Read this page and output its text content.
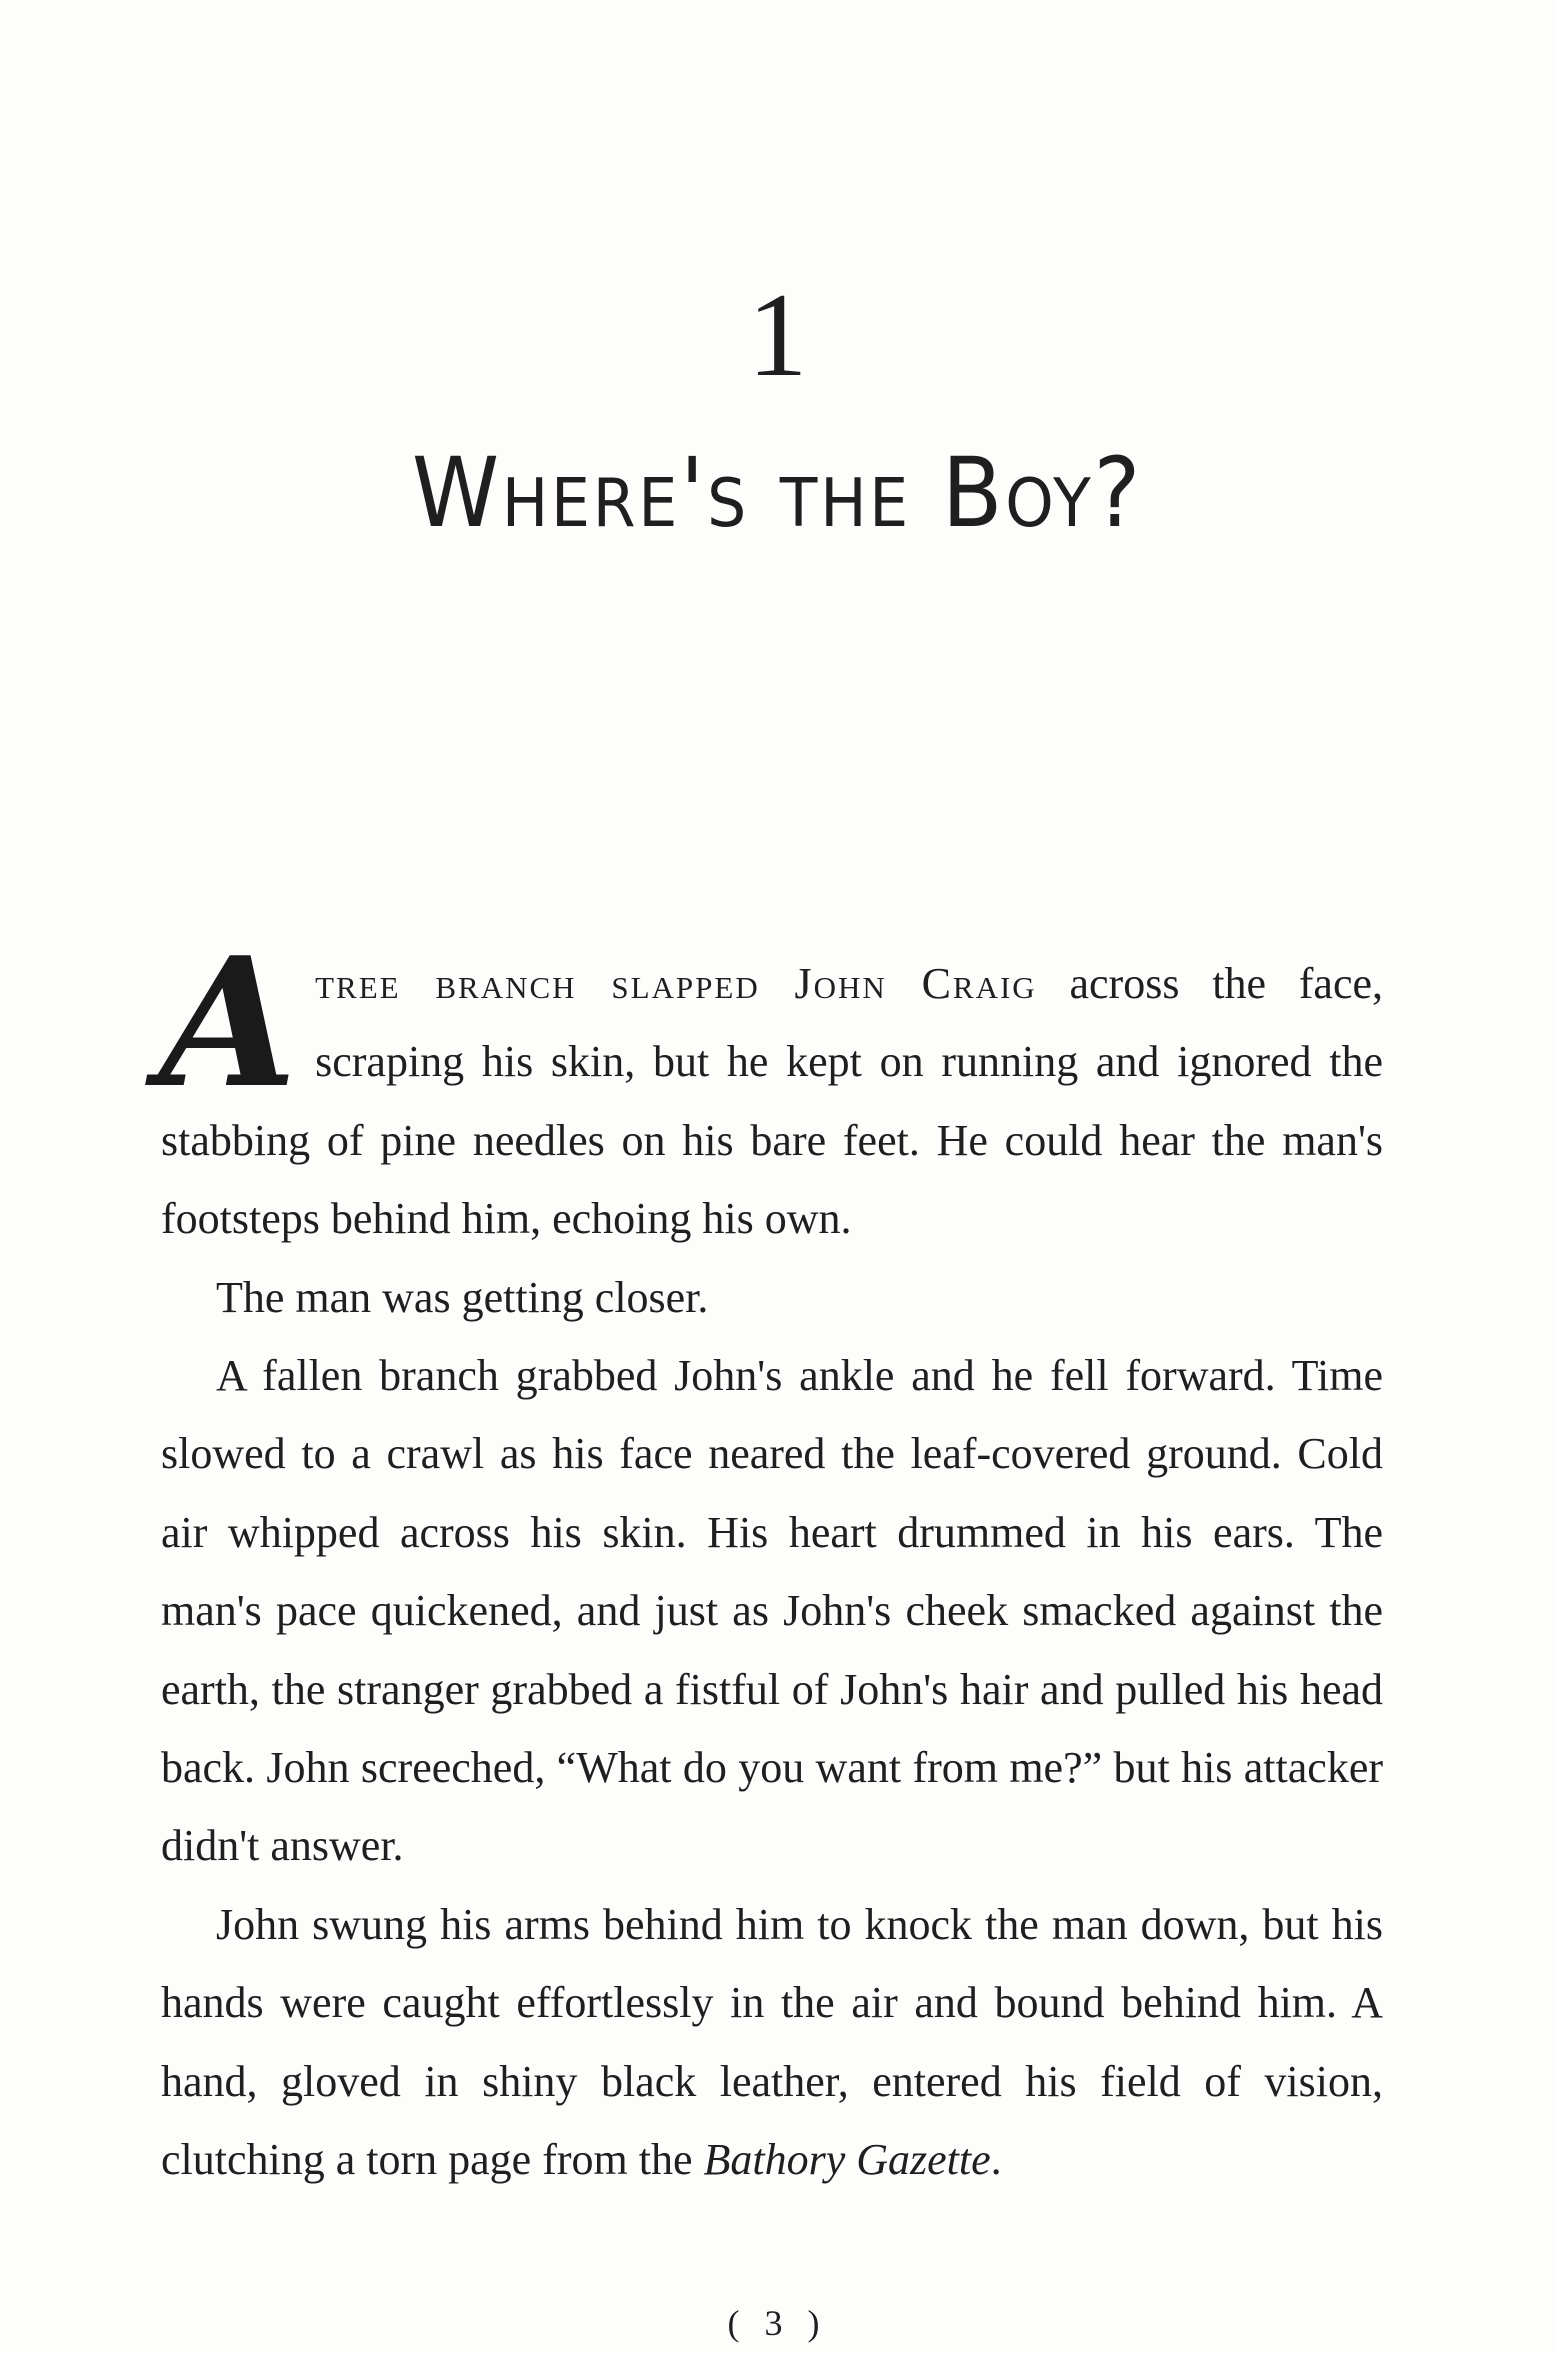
1
Where's the Boy?

Atree branch slapped John Craig across the face, scraping his skin, but he kept on running and ignored the stabbing of pine needles on his bare feet. He could hear the man's footsteps behind him, echoing his own.

The man was getting closer.

A fallen branch grabbed John's ankle and he fell forward. Time slowed to a crawl as his face neared the leaf-covered ground. Cold air whipped across his skin. His heart drummed in his ears. The man's pace quickened, and just as John's cheek smacked against the earth, the stranger grabbed a fistful of John's hair and pulled his head back. John screeched, “What do you want from me?” but his attacker didn't answer.

John swung his arms behind him to knock the man down, but his hands were caught effortlessly in the air and bound behind him. A hand, gloved in shiny black leather, entered his field of vision, clutching a torn page from the Bathory Gazette.

( 3 )
